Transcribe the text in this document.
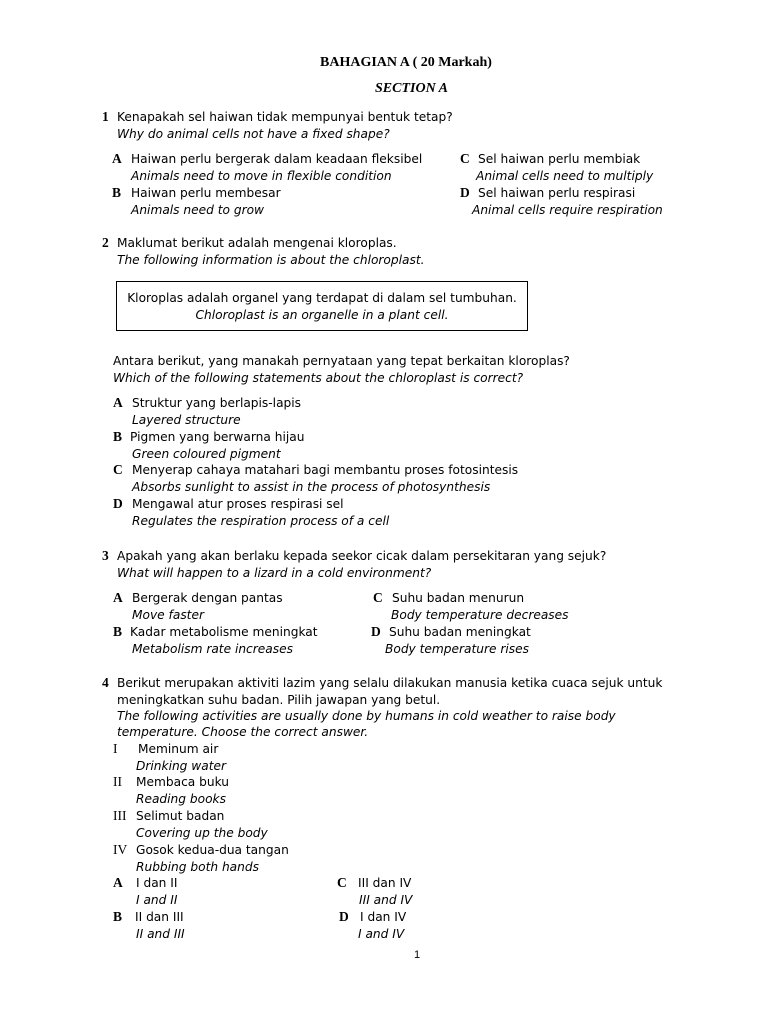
BAHAGIAN A ( 20 Markah)
SECTION A
1 Kenapakah sel haiwan tidak mempunyai bentuk tetap?
Why do animal cells not have a fixed shape?
A Haiwan perlu bergerak dalam keadaan fleksibel
Animals need to move in flexible condition
B Haiwan perlu membesar
Animals need to grow
C Sel haiwan perlu membiak
Animal cells need to multiply
D Sel haiwan perlu respirasi
Animal cells require respiration
2 Maklumat berikut adalah mengenai kloroplas.
The following information is about the chloroplast.
Kloroplas adalah organel yang terdapat di dalam sel tumbuhan.
Chloroplast is an organelle in a plant cell.
Antara berikut, yang manakah pernyataan yang tepat berkaitan kloroplas?
Which of the following statements about the chloroplast is correct?
A Struktur yang berlapis-lapis
Layered structure
B Pigmen yang berwarna hijau
Green coloured pigment
C Menyerap cahaya matahari bagi membantu proses fotosintesis
Absorbs sunlight to assist in the process of photosynthesis
D Mengawal atur proses respirasi sel
Regulates the respiration process of a cell
3 Apakah yang akan berlaku kepada seekor cicak dalam persekitaran yang sejuk?
What will happen to a lizard in a cold environment?
A Bergerak dengan pantas
Move faster
B Kadar metabolisme meningkat
Metabolism rate increases
C Suhu badan menurun
Body temperature decreases
D Suhu badan meningkat
Body temperature rises
4 Berikut merupakan aktiviti lazim yang selalu dilakukan manusia ketika cuaca sejuk untuk
meningkatkan suhu badan. Pilih jawapan yang betul.
The following activities are usually done by humans in cold weather to raise body
temperature. Choose the correct answer.
I Meminum air
Drinking water
II Membaca buku
Reading books
III Selimut badan
Covering up the body
IV Gosok kedua-dua tangan
Rubbing both hands
A	I dan II
I and II
B	II dan III
II and III
C III dan IV
III and IV
D I dan IV
I and IV
1
